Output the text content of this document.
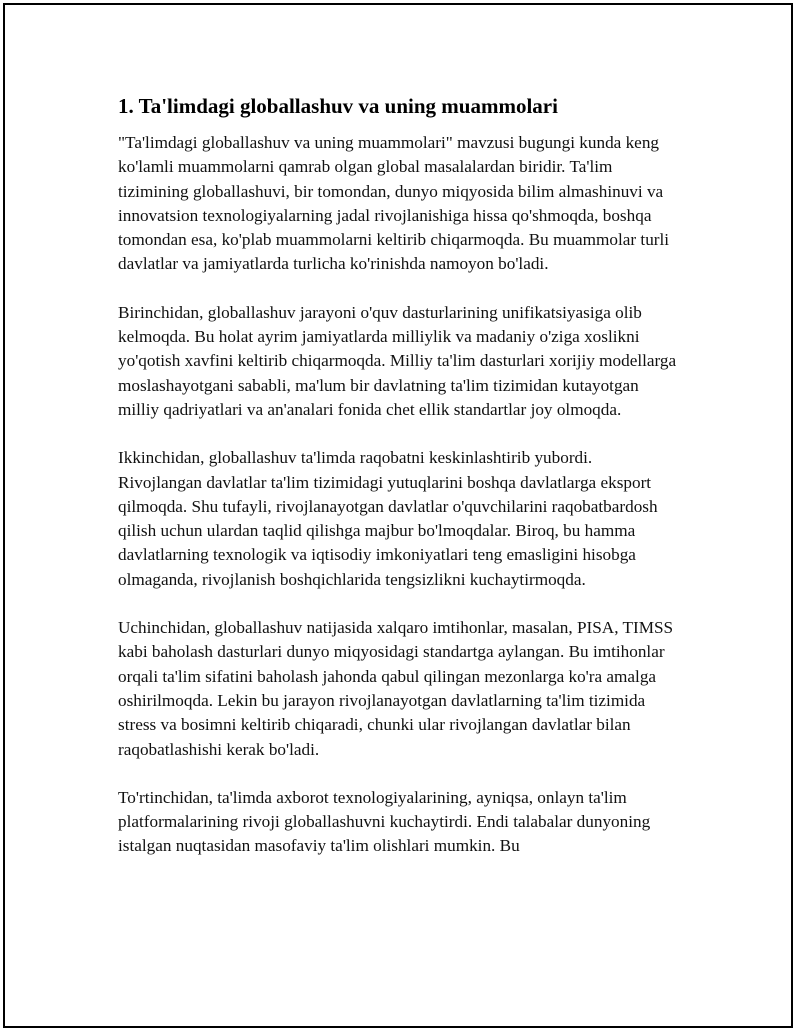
1. Ta'limdagi globallashuv va uning muammolari

"Ta'limdagi globallashuv va uning muammolari" mavzusi bugungi kunda keng ko'lamli muammolarni qamrab olgan global masalalardan biridir. Ta'lim tizimining globallashuvi, bir tomondan, dunyo miqyosida bilim almashinuvi va innovatsion texnologiyalarning jadal rivojlanishiga hissa qo'shmoqda, boshqa tomondan esa, ko'plab muammolarni keltirib chiqarmoqda. Bu muammolar turli davlatlar va jamiyatlarda turlicha ko'rinishda namoyon bo'ladi.

Birinchidan, globallashuv jarayoni o'quv dasturlarining unifikatsiyasiga olib kelmoqda. Bu holat ayrim jamiyatlarda milliylik va madaniy o'ziga xoslikni yo'qotish xavfini keltirib chiqarmoqda. Milliy ta'lim dasturlari xorijiy modellarga moslashayotgani sababli, ma'lum bir davlatning ta'lim tizimidan kutayotgan milliy qadriyatlari va an'analari fonida chet ellik standartlar joy olmoqda.

Ikkinchidan, globallashuv ta'limda raqobatni keskinlashtirib yubordi. Rivojlangan davlatlar ta'lim tizimidagi yutuqlarini boshqa davlatlarga eksport qilmoqda. Shu tufayli, rivojlanayotgan davlatlar o'quvchilarini raqobatbardosh qilish uchun ulardan taqlid qilishga majbur bo'lmoqdalar. Biroq, bu hamma davlatlarning texnologik va iqtisodiy imkoniyatlari teng emasligini hisobga olmaganda, rivojlanish boshqichlarida tengsizlikni kuchaytirmoqda.

Uchinchidan, globallashuv natijasida xalqaro imtihonlar, masalan, PISA, TIMSS kabi baholash dasturlari dunyo miqyosidagi standartga aylangan. Bu imtihonlar orqali ta'lim sifatini baholash jahonda qabul qilingan mezonlarga ko'ra amalga oshirilmoqda. Lekin bu jarayon rivojlanayotgan davlatlarning ta'lim tizimida stress va bosimni keltirib chiqaradi, chunki ular rivojlangan davlatlar bilan raqobatlashishi kerak bo'ladi.

To'rtinchidan, ta'limda axborot texnologiyalarining, ayniqsa, onlayn ta'lim platformalarining rivoji globallashuvni kuchaytirdi. Endi talabalar dunyoning istalgan nuqtasidan masofaviy ta'lim olishlari mumkin. Bu
